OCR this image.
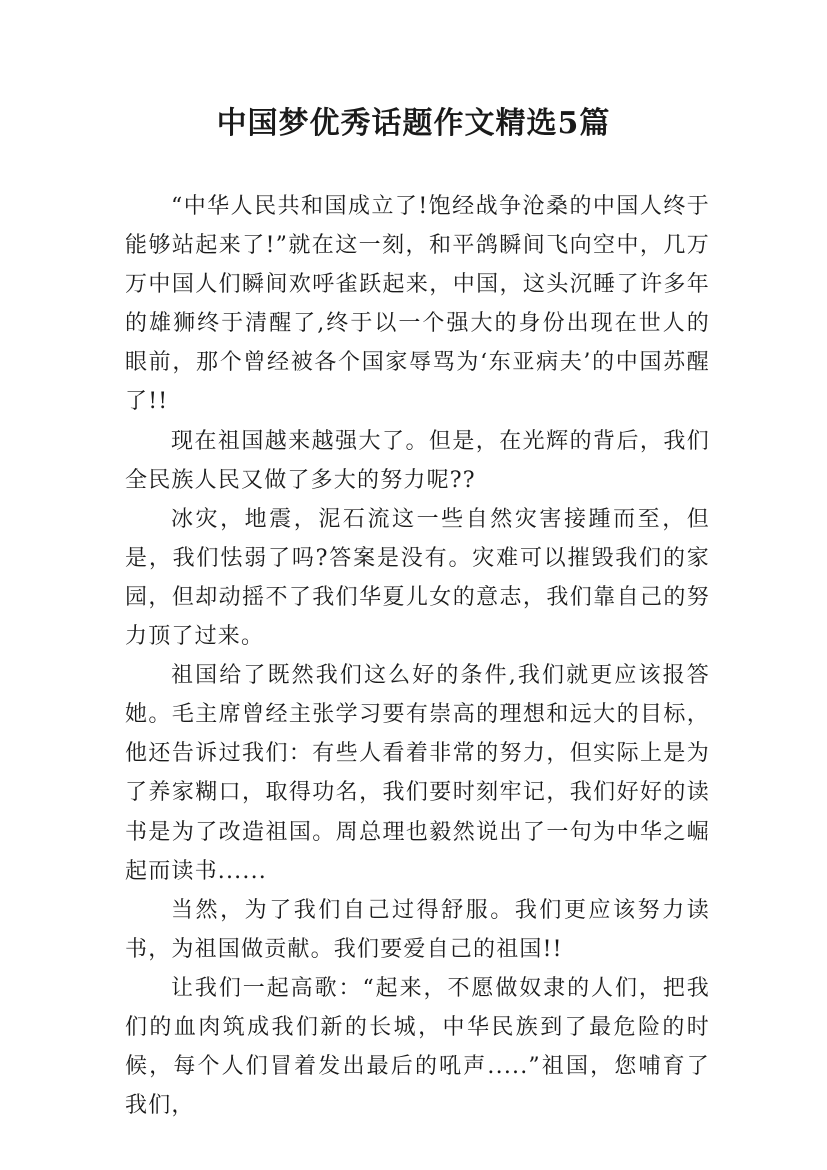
中国梦优秀话题作文精选5篇

“中华人民共和国成立了!饱经战争沧桑的中国人终于能够站起来了!”就在这一刻，和平鸽瞬间飞向空中，几万万中国人们瞬间欢呼雀跃起来，中国，这头沉睡了许多年的雄狮终于清醒了,终于以一个强大的身份出现在世人的眼前，那个曾经被各个国家辱骂为‘东亚病夫’的中国苏醒了!!

现在祖国越来越强大了。但是，在光辉的背后，我们全民族人民又做了多大的努力呢??

冰灾，地震，泥石流这一些自然灾害接踵而至，但是，我们怯弱了吗?答案是没有。灾难可以摧毁我们的家园，但却动摇不了我们华夏儿女的意志，我们靠自己的努力顶了过来。

祖国给了既然我们这么好的条件,我们就更应该报答她。毛主席曾经主张学习要有崇高的理想和远大的目标，他还告诉过我们：有些人看着非常的努力，但实际上是为了养家糊口，取得功名，我们要时刻牢记，我们好好的读书是为了改造祖国。周总理也毅然说出了一句为中华之崛起而读书......

当然，为了我们自己过得舒服。我们更应该努力读书，为祖国做贡献。我们要爱自己的祖国!!

让我们一起高歌：“起来，不愿做奴隶的人们，把我们的血肉筑成我们新的长城，中华民族到了最危险的时候，每个人们冒着发出最后的吼声.....”祖国，您哺育了我们，
